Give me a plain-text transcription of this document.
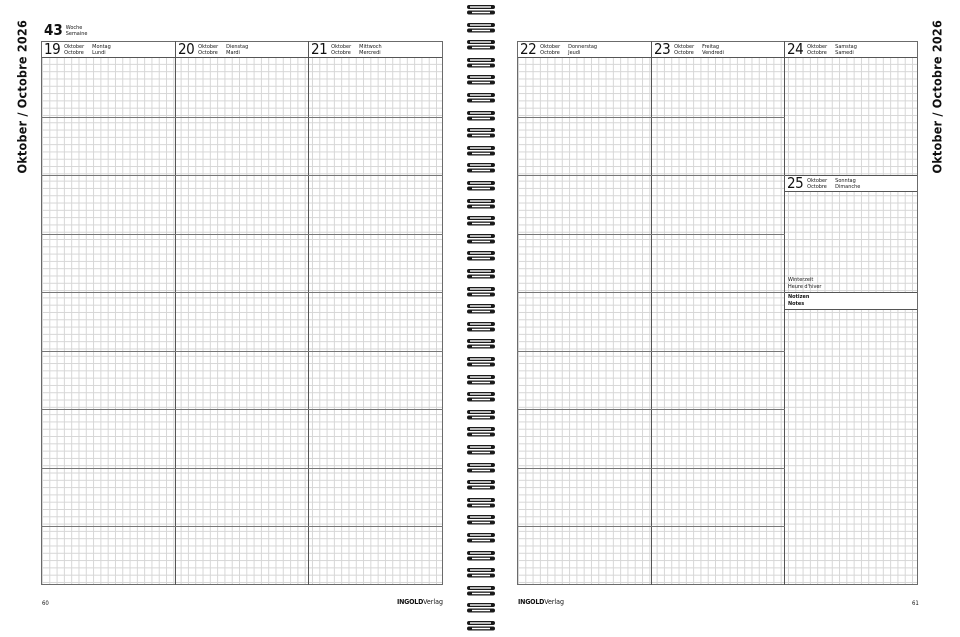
Oktober / Octobre 2026 43 Woche
Semaine
19 Oktober	Montag
Octobre	Lundi	20 Oktober	Dienstag
Octobre	Mardi	21 Oktober	Mittwoch
Octobre	Mercredi
60	INGOLDVerlag
Oktober / Octobre 2026
22 Oktober	Donnerstag
Octobre	Jeudi	23 Oktober	Freitag
Octobre	Vendredi	24 Oktober	Samstag
Octobre	Samedi
25 Oktober	Sonntag
Octobre	Dimanche
Winterzeit
Heure d'hiver
Notizen
Notes
INGOLDVerlag	61
